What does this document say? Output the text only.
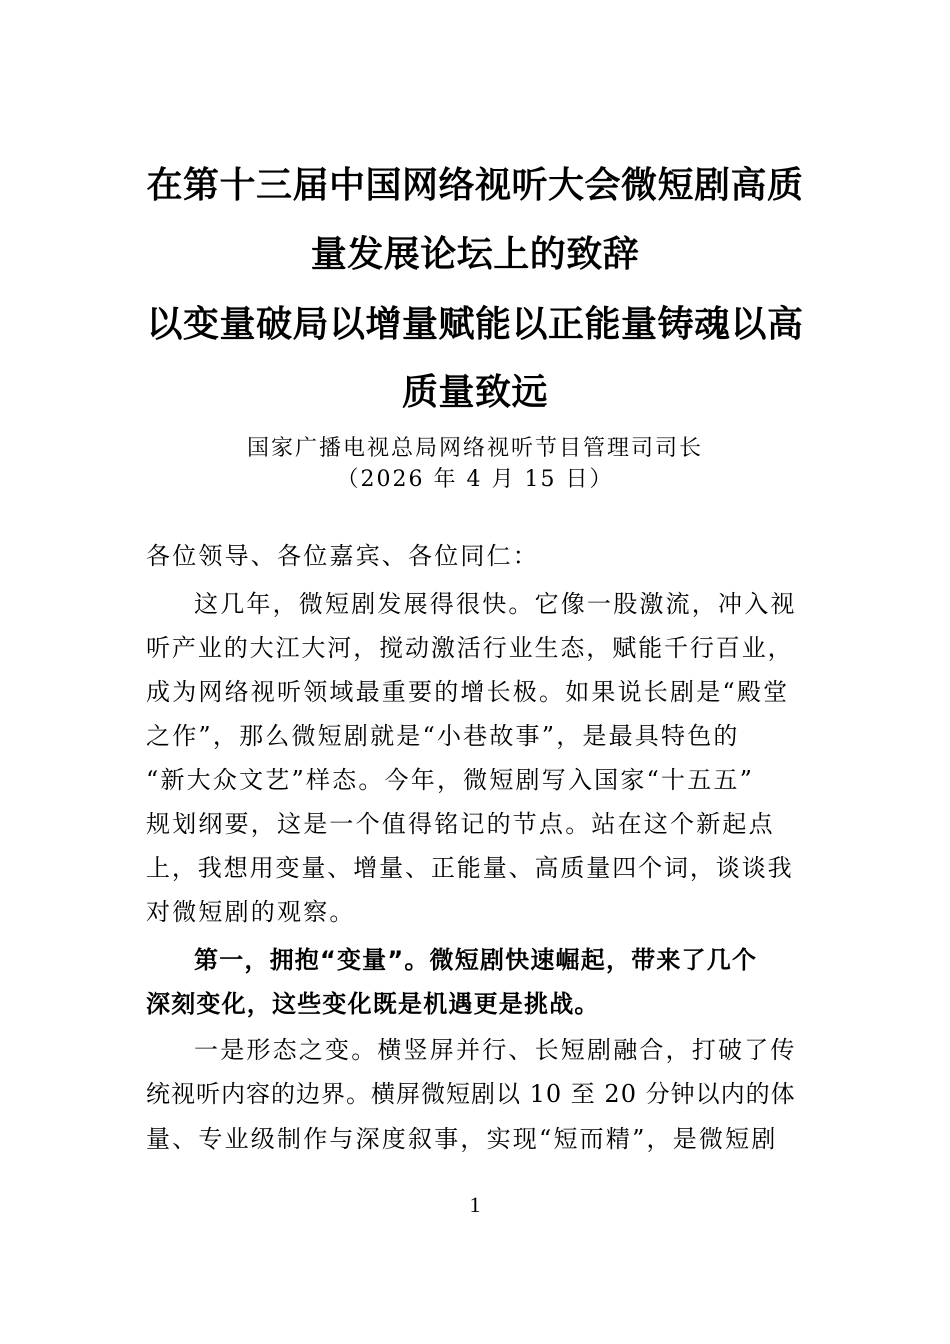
在第十三届中国网络视听大会微短剧高质
量发展论坛上的致辞
以变量破局以增量赋能以正能量铸魂以高
质量致远
国家广播电视总局网络视听节目管理司司长
（2026 年 4 月 15 日）
各位领导、各位嘉宾、各位同仁：
这几年，微短剧发展得很快。它像一股激流，冲入视
听产业的大江大河，搅动激活行业生态，赋能千行百业，
成为网络视听领域最重要的增长极。如果说长剧是“殿堂
之作”，那么微短剧就是“小巷故事”，是最具特色的
“新大众文艺”样态。今年，微短剧写入国家“十五五”
规划纲要，这是一个值得铭记的节点。站在这个新起点
上，我想用变量、增量、正能量、高质量四个词，谈谈我
对微短剧的观察。
第一，拥抱“变量”。微短剧快速崛起，带来了几个
深刻变化，这些变化既是机遇更是挑战。
一是形态之变。横竖屏并行、长短剧融合，打破了传
统视听内容的边界。横屏微短剧以 10 至 20 分钟以内的体
量、专业级制作与深度叙事，实现“短而精”，是微短剧
1
